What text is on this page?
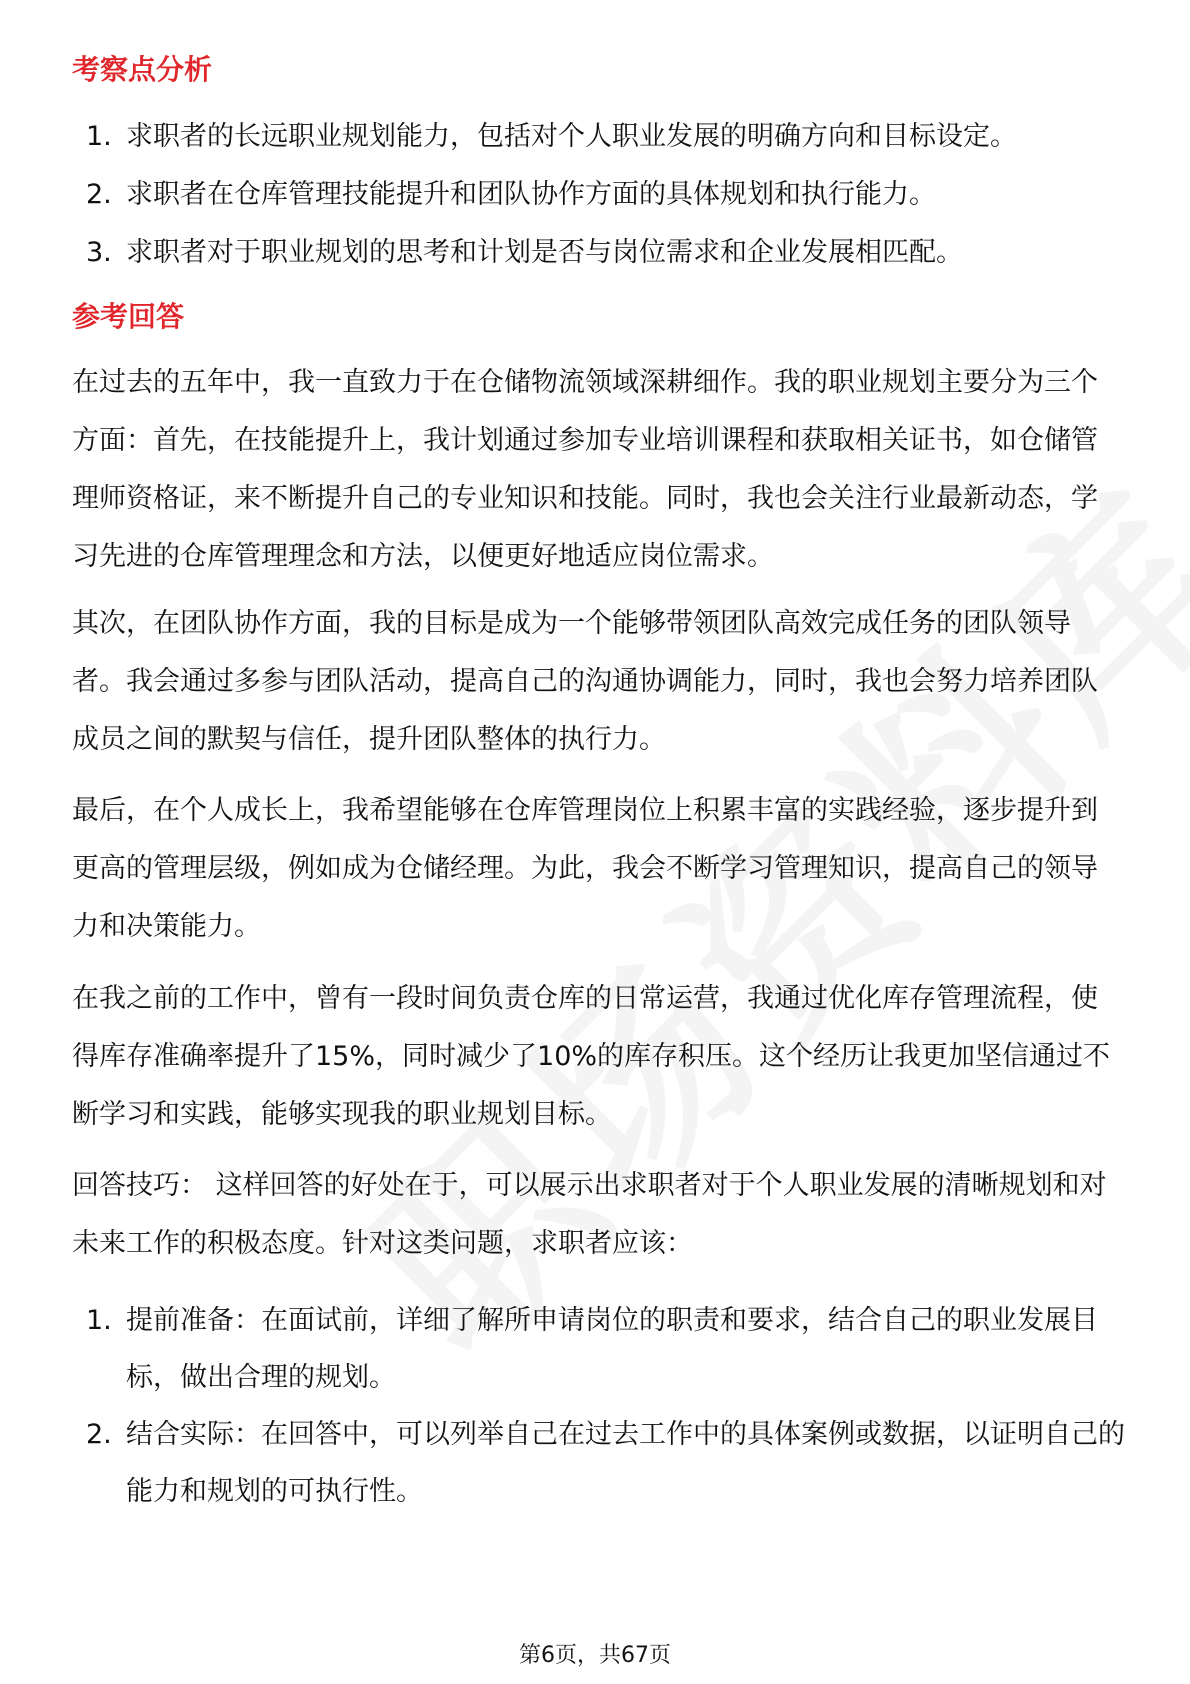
考察点分析
1. 求职者的长远职业规划能力，包括对个人职业发展的明确方向和目标设定。
2. 求职者在仓库管理技能提升和团队协作方面的具体规划和执行能力。
3. 求职者对于职业规划的思考和计划是否与岗位需求和企业发展相匹配。
参考回答

在过去的五年中，我一直致力于在仓储物流领域深耕细作。我的职业规划主要分为三个方面：首先，在技能提升上，我计划通过参加专业培训课程和获取相关证书，如仓储管理师资格证，来不断提升自己的专业知识和技能。同时，我也会关注行业最新动态，学习先进的仓库管理理念和方法，以便更好地适应岗位需求。

其次，在团队协作方面，我的目标是成为一个能够带领团队高效完成任务的团队领导者。我会通过多参与团队活动，提高自己的沟通协调能力，同时，我也会努力培养团队成员之间的默契与信任，提升团队整体的执行力。

最后，在个人成长上，我希望能够在仓库管理岗位上积累丰富的实践经验，逐步提升到更高的管理层级，例如成为仓储经理。为此，我会不断学习管理知识，提高自己的领导力和决策能力。

在我之前的工作中，曾有一段时间负责仓库的日常运营，我通过优化库存管理流程，使得库存准确率提升了15%，同时减少了10%的库存积压。这个经历让我更加坚信通过不断学习和实践，能够实现我的职业规划目标。

回答技巧： 这样回答的好处在于，可以展示出求职者对于个人职业发展的清晰规划和对未来工作的积极态度。针对这类问题，求职者应该：

1. 提前准备：在面试前，详细了解所申请岗位的职责和要求，结合自己的职业发展目标，做出合理的规划。
2. 结合实际：在回答中，可以列举自己在过去工作中的具体案例或数据，以证明自己的能力和规划的可执行性。
第6页，共67页
